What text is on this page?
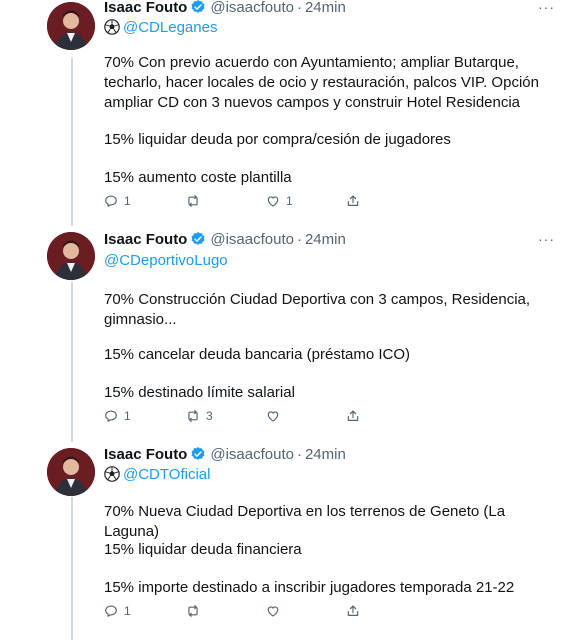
Isaac Fouto @isaacfouto · 24min	···
@CDLeganes
70% Con previo acuerdo con Ayuntamiento; ampliar Butarque, techarlo, hacer locales de ocio y restauración, palcos VIP. Opción ampliar CD con 3 nuevos campos y construir Hotel Residencia
15% liquidar deuda por compra/cesión de jugadores
15% aumento coste plantilla
1	1
Isaac Fouto @isaacfouto · 24min	···
@CDeportivoLugo
70% Construcción Ciudad Deportiva con 3 campos, Residencia, gimnasio...
15% cancelar deuda bancaria (préstamo ICO)
15% destinado límite salarial
1	3
Isaac Fouto @isaacfouto · 24min
@CDTOficial
70% Nueva Ciudad Deportiva en los terrenos de Geneto (La Laguna)
15% liquidar deuda financiera
15% importe destinado a inscribir jugadores temporada 21-22
1
